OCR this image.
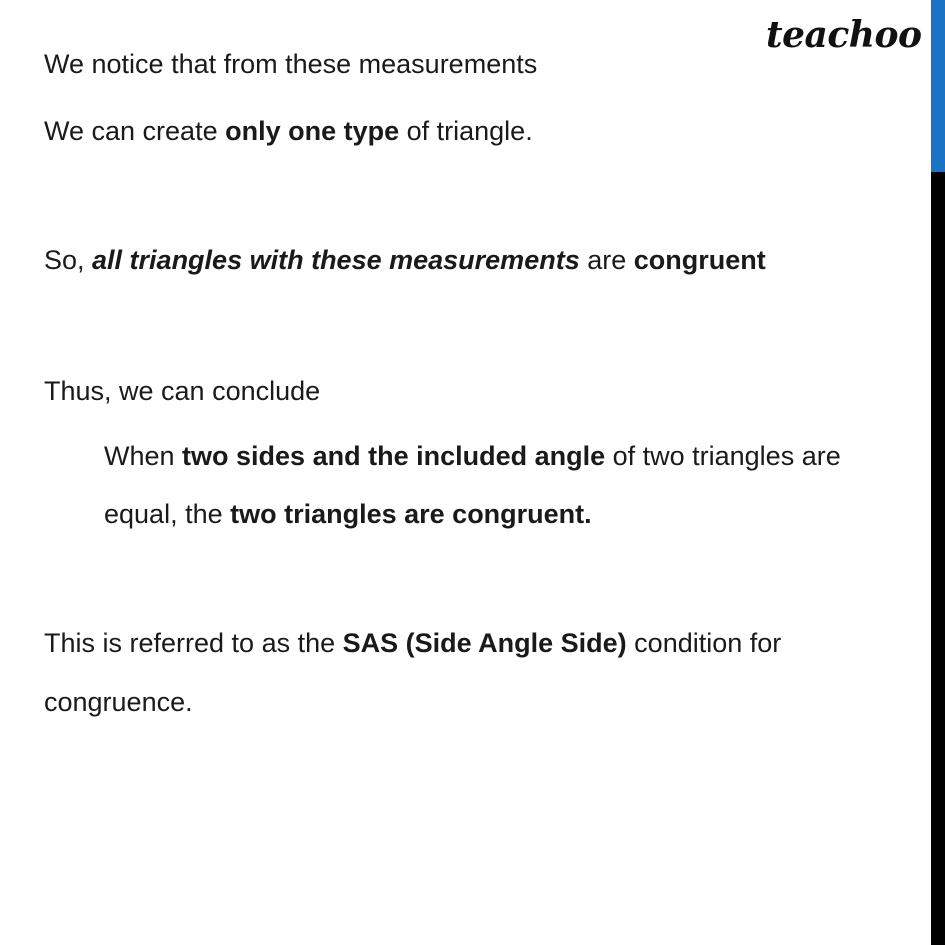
teachoo
We notice that from these measurements
We can create only one type of triangle.
So, all triangles with these measurements are congruent
Thus, we can conclude
When two sides and the included angle of two triangles are
equal, the two triangles are congruent.
This is referred to as the SAS (Side Angle Side) condition for
congruence.
